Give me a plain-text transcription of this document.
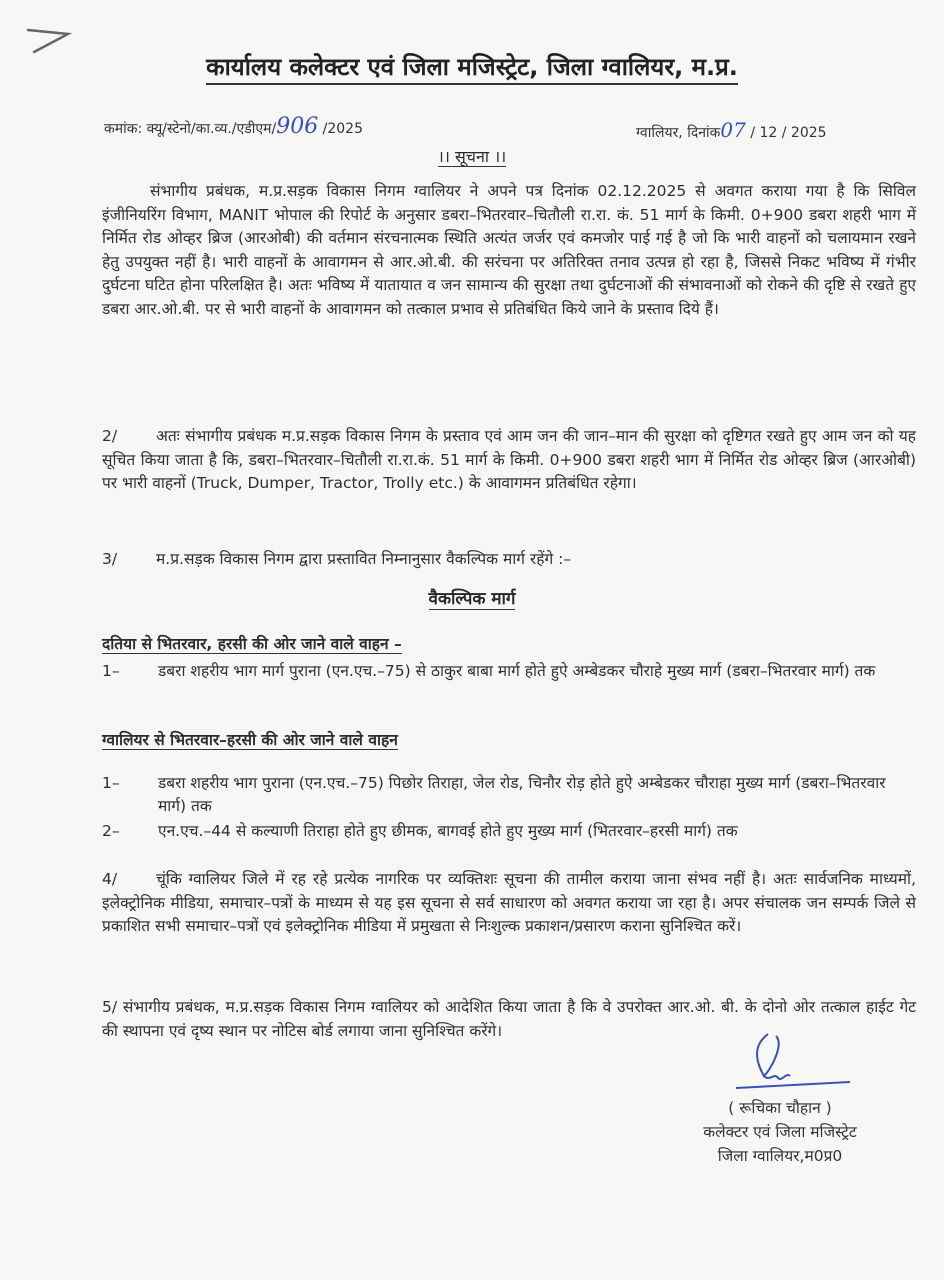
कार्यालय कलेक्टर एवं जिला मजिस्ट्रेट, जिला ग्वालियर, म.प्र.
कमांक: क्यू/स्टेनो/का.व्य./एडीएम/906 /2025	ग्वालियर, दिनांक07 / 12 / 2025
।। सूचना ।।
संभागीय प्रबंधक, म.प्र.सड़क विकास निगम ग्वालियर ने अपने पत्र दिनांक 02.12.2025 से अवगत कराया गया है कि सिविल इंजीनियरिंग विभाग, MANIT भोपाल की रिपोर्ट के अनुसार डबरा–भितरवार–चितौली रा.रा. कं. 51 मार्ग के किमी. 0+900 डबरा शहरी भाग में निर्मित रोड ओव्हर ब्रिज (आरओबी) की वर्तमान संरचनात्मक स्थिति अत्यंत जर्जर एवं कमजोर पाई गई है जो कि भारी वाहनों को चलायमान रखने हेतु उपयुक्त नहीं है। भारी वाहनों के आवागमन से आर.ओ.बी. की सरंचना पर अतिरिक्त तनाव उत्पन्न हो रहा है, जिससे निकट भविष्य में गंभीर दुर्घटना घटित होना परिलक्षित है। अतः भविष्य में यातायात व जन सामान्य की सुरक्षा तथा दुर्घटनाओं की संभावनाओं को रोकने की दृष्टि से रखते हुए डबरा आर.ओ.बी. पर से भारी वाहनों के आवागमन को तत्काल प्रभाव से प्रतिबंधित किये जाने के प्रस्ताव दिये हैं।
2/	अतः संभागीय प्रबंधक म.प्र.सड़क विकास निगम के प्रस्ताव एवं आम जन की जान–मान की सुरक्षा को दृष्टिगत रखते हुए आम जन को यह सूचित किया जाता है कि, डबरा–भितरवार–चितौली रा.रा.कं. 51 मार्ग के किमी. 0+900 डबरा शहरी भाग में निर्मित रोड ओव्हर ब्रिज (आरओबी) पर भारी वाहनों (Truck, Dumper, Tractor, Trolly etc.) के आवागमन प्रतिबंधित रहेगा।
3/	म.प्र.सड़क विकास निगम द्वारा प्रस्तावित निम्नानुसार वैकल्पिक मार्ग रहेंगे :–
वैकल्पिक मार्ग
दतिया से भितरवार, हरसी की ओर जाने वाले वाहन –
1–	डबरा शहरीय भाग मार्ग पुराना (एन.एच.–75) से ठाकुर बाबा मार्ग होते हुऐ अम्बेडकर चौराहे मुख्य मार्ग (डबरा–भितरवार मार्ग) तक
ग्वालियर से भितरवार–हरसी की ओर जाने वाले वाहन
1–	डबरा शहरीय भाग पुराना (एन.एच.–75) पिछोर तिराहा, जेल रोड, चिनौर रोड़ होते हुऐ अम्बेडकर चौराहा मुख्य मार्ग (डबरा–भितरवार मार्ग) तक
2–	एन.एच.–44 से कल्याणी तिराहा होते हुए छीमक, बागवई होते हुए मुख्य मार्ग (भितरवार–हरसी मार्ग) तक
4/	चूंकि ग्वालियर जिले में रह रहे प्रत्येक नागरिक पर व्यक्तिशः सूचना की तामील कराया जाना संभव नहीं है। अतः सार्वजनिक माध्यमों, इलेक्ट्रोनिक मीडिया, समाचार–पत्रों के माध्यम से यह इस सूचना से सर्व साधारण को अवगत कराया जा रहा है। अपर संचालक जन सम्पर्क जिले से प्रकाशित सभी समाचार–पत्रों एवं इलेक्ट्रोनिक मीडिया में प्रमुखता से निःशुल्क प्रकाशन/प्रसारण कराना सुनिश्चित करें।
5/ संभागीय प्रबंधक, म.प्र.सड़क विकास निगम ग्वालियर को आदेशित किया जाता है कि वे उपरोक्त आर.ओ. बी. के दोनो ओर तत्काल हाईट गेट की स्थापना एवं दृष्य स्थान पर नोटिस बोर्ड लगाया जाना सुनिश्चित करेंगे।
( रूचिका चौहान )
कलेक्टर एवं जिला मजिस्ट्रेट
जिला ग्वालियर,म0प्र0
